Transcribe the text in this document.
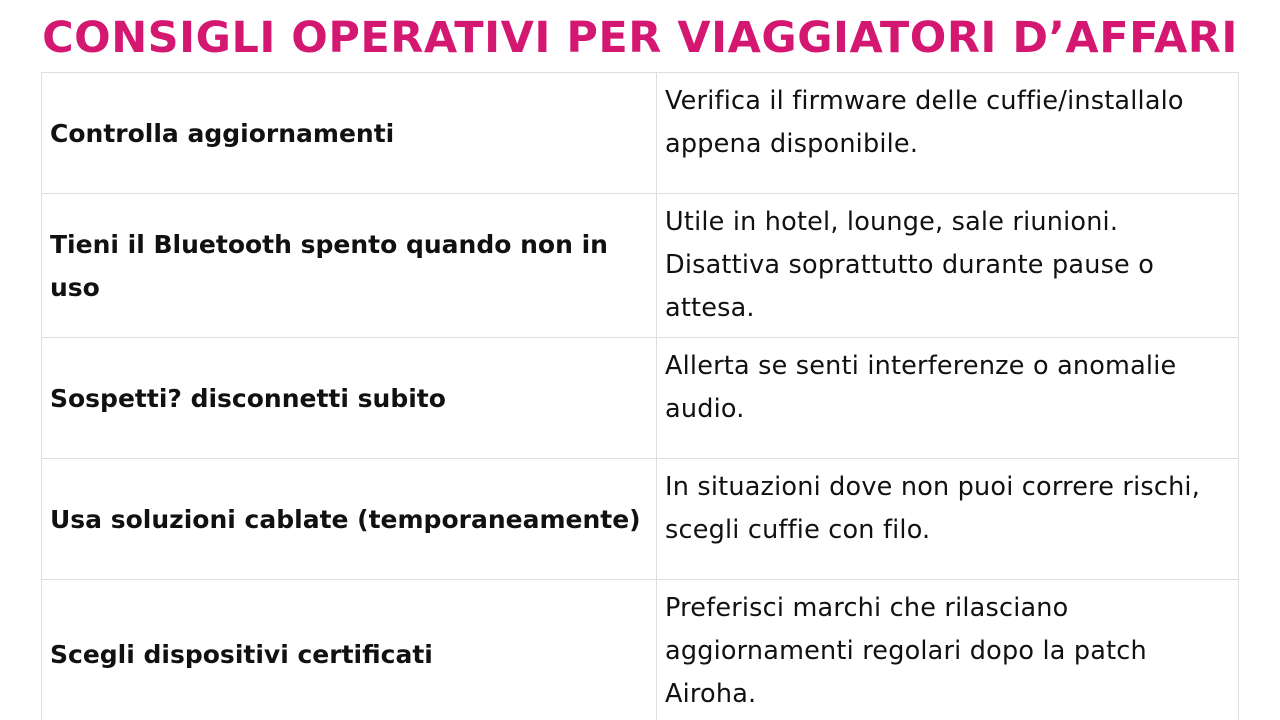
CONSIGLI OPERATIVI PER VIAGGIATORI D’AFFARI
Controlla aggiornamenti	Verifica il firmware delle cuffie/installalo appena disponibile.
Tieni il Bluetooth spento quando non in uso	Utile in hotel, lounge, sale riunioni. Disattiva soprattutto durante pause o attesa.
Sospetti? disconnetti subito	Allerta se senti interferenze o anomalie audio.
Usa soluzioni cablate (temporaneamente)	In situazioni dove non puoi correre rischi, scegli cuffie con filo.
Scegli dispositivi certificati	Preferisci marchi che rilasciano aggiornamenti regolari dopo la patch Airoha.
